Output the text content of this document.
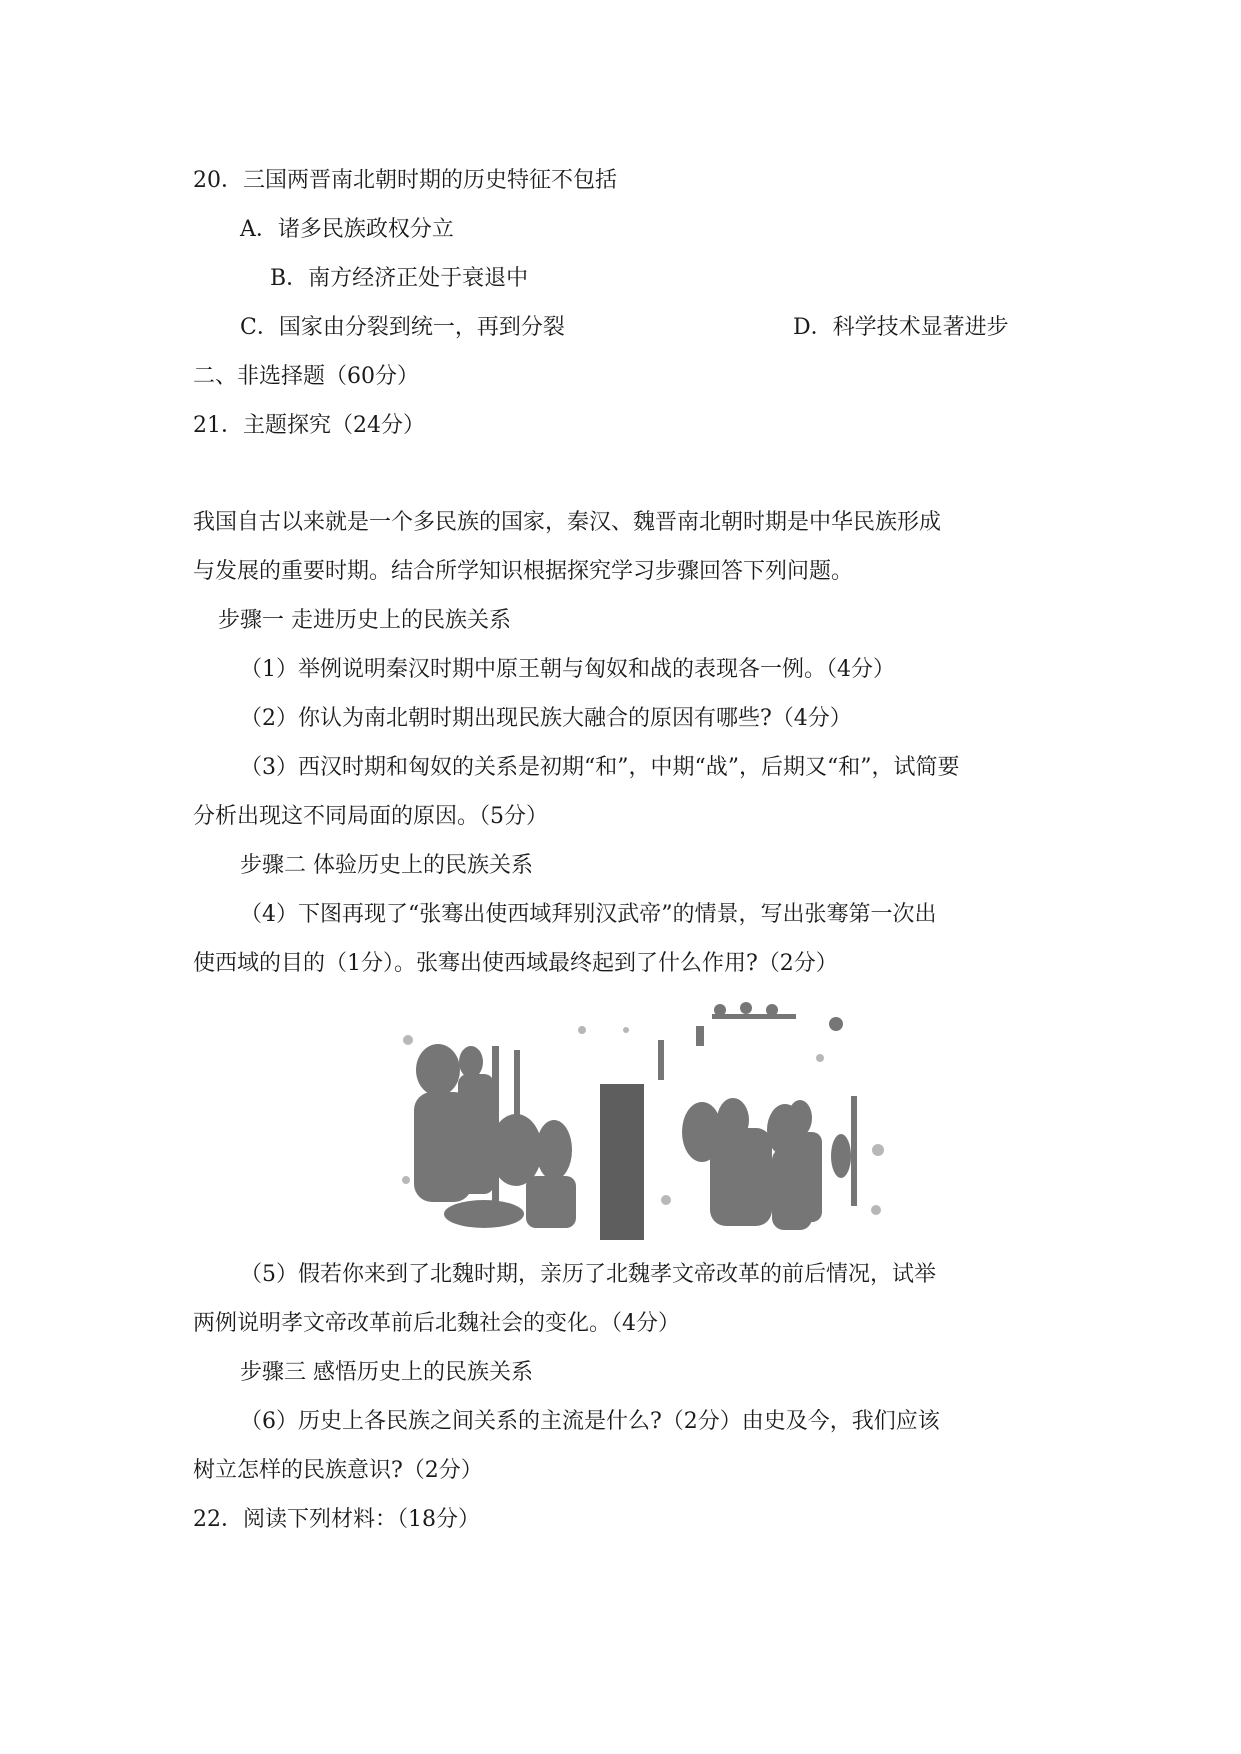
20．三国两晋南北朝时期的历史特征不包括
A．诸多民族政权分立
B．南方经济正处于衰退中
C．国家由分裂到统一，再到分裂	D．科学技术显著进步
二、非选择题（60分）
21．主题探究（24分）
我国自古以来就是一个多民族的国家，秦汉、魏晋南北朝时期是中华民族形成
与发展的重要时期。结合所学知识根据探究学习步骤回答下列问题。
步骤一 走进历史上的民族关系
（1）举例说明秦汉时期中原王朝与匈奴和战的表现各一例。（4分）
（2）你认为南北朝时期出现民族大融合的原因有哪些?（4分）
（3）西汉时期和匈奴的关系是初期“和”，中期“战”，后期又“和”，试简要
分析出现这不同局面的原因。（5分）
步骤二 体验历史上的民族关系
（4）下图再现了“张骞出使西域拜别汉武帝”的情景，写出张骞第一次出
使西域的目的（1分）。张骞出使西域最终起到了什么作用?（2分）
（5）假若你来到了北魏时期，亲历了北魏孝文帝改革的前后情况，试举
两例说明孝文帝改革前后北魏社会的变化。（4分）
步骤三 感悟历史上的民族关系
（6）历史上各民族之间关系的主流是什么?（2分）由史及今，我们应该
树立怎样的民族意识?（2分）
22．阅读下列材料：（18分）
